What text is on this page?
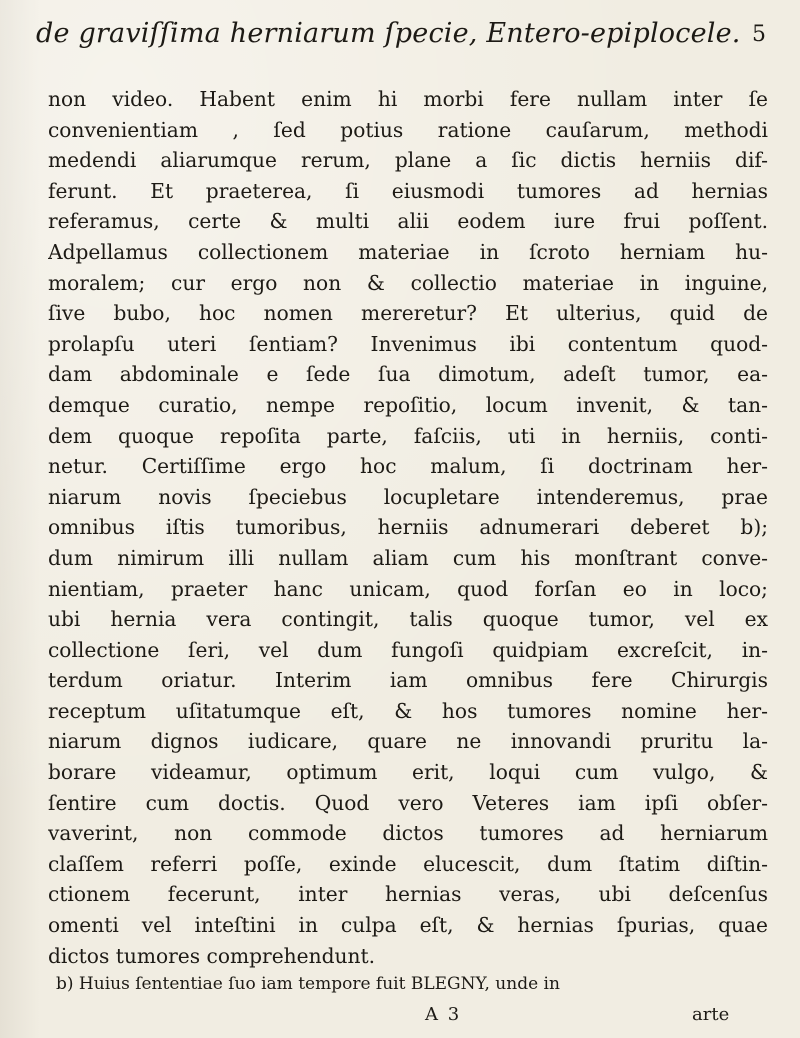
de graviſſima herniarum ſpecie, Entero-epiplocele. 5
non video. Habent enim hi morbi fere nullam inter ſe
convenientiam , ſed potius ratione cauſarum, methodi
medendi aliarumque rerum, plane a ſic dictis herniis dif-
ferunt. Et praeterea, ſi eiusmodi tumores ad hernias
referamus, certe & multi alii eodem iure frui poſſent.
Adpellamus collectionem materiae in ſcroto herniam hu-
moralem; cur ergo non & collectio materiae in inguine,
ſive bubo, hoc nomen mereretur? Et ulterius, quid de
prolapſu uteri ſentiam? Invenimus ibi contentum quod-
dam abdominale e ſede ſua dimotum, adeſt tumor, ea-
demque curatio, nempe repoſitio, locum invenit, & tan-
dem quoque repoſita parte, faſciis, uti in herniis, conti-
netur. Certiſſime ergo hoc malum, ſi doctrinam her-
niarum novis ſpeciebus locupletare intenderemus, prae
omnibus iſtis tumoribus, herniis adnumerari deberet b);
dum nimirum illi nullam aliam cum his monſtrant conve-
nientiam, praeter hanc unicam, quod forſan eo in loco;
ubi hernia vera contingit, talis quoque tumor, vel ex
collectione ſeri, vel dum fungoſi quidpiam excreſcit, in-
terdum oriatur. Interim iam omnibus fere Chirurgis
receptum uſitatumque eſt, & hos tumores nomine her-
niarum dignos iudicare, quare ne innovandi pruritu la-
borare videamur, optimum erit, loqui cum vulgo, &
ſentire cum doctis. Quod vero Veteres iam ipſi obſer-
vaverint, non commode dictos tumores ad herniarum
claſſem referri poſſe, exinde elucescit, dum ſtatim diſtin-
ctionem fecerunt, inter hernias veras, ubi deſcenſus
omenti vel inteſtini in culpa eſt, & hernias ſpurias, quae
dictos tumores comprehendunt.
b) Huius ſententiae ſuo iam tempore fuit BLEGNY, unde in
A 3	arte
